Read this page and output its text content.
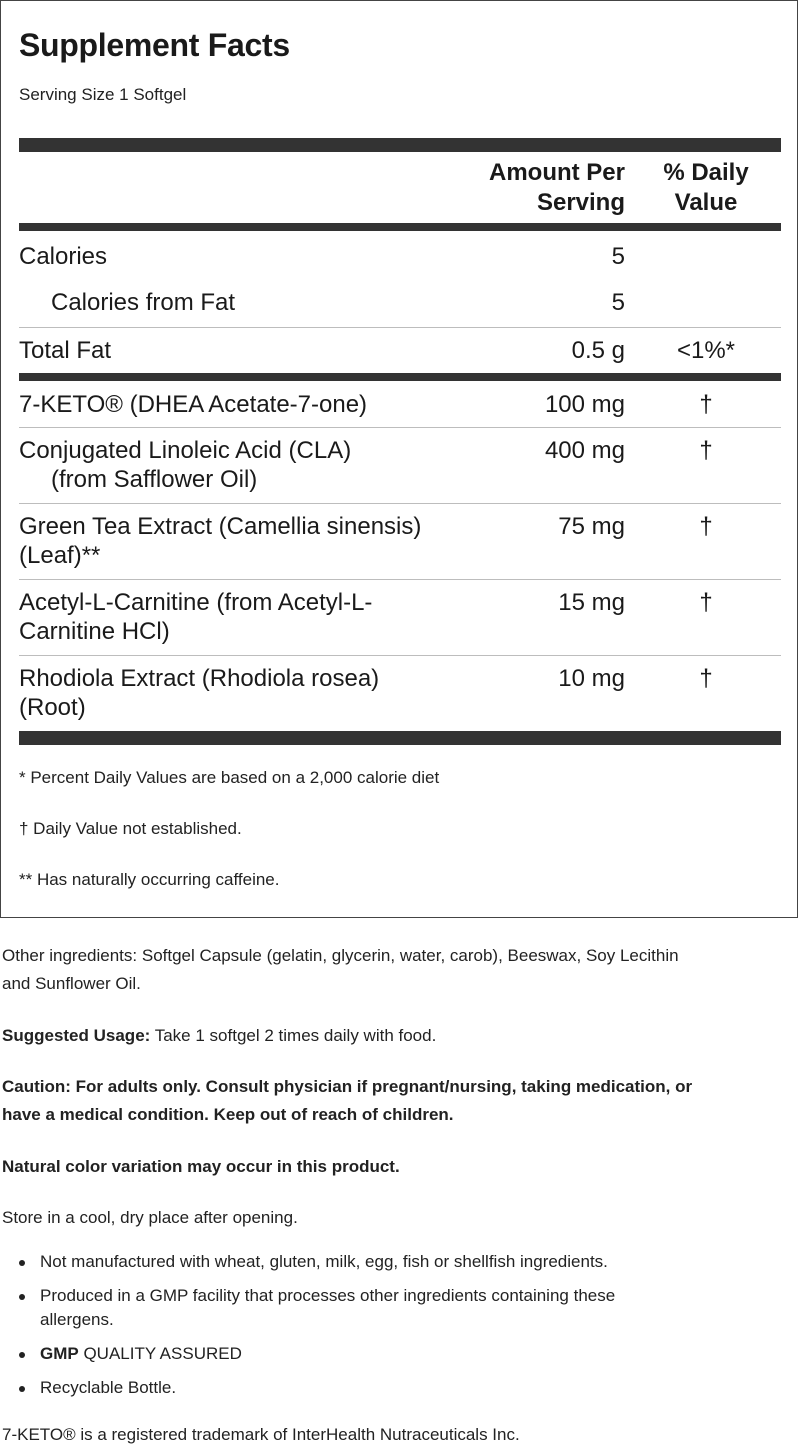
Supplement Facts
Serving Size 1 Softgel
Amount Per
Serving
% Daily
Value
Calories	5
Calories from Fat	5
Total Fat	0.5 g	<1%*
7-KETO® (DHEA Acetate-7-one)	100 mg	†
Conjugated Linoleic Acid (CLA)
(from Safflower Oil)
400 mg	†
Green Tea Extract (Camellia sinensis)
(Leaf)**
75 mg	†
Acetyl-L-Carnitine (from Acetyl-L-
Carnitine HCl)
15 mg	†
Rhodiola Extract (Rhodiola rosea)
(Root)
10 mg	†
* Percent Daily Values are based on a 2,000 calorie diet
† Daily Value not established.
** Has naturally occurring caffeine.
Other ingredients: Softgel Capsule (gelatin, glycerin, water, carob), Beeswax, Soy Lecithin
and Sunflower Oil.
Suggested Usage: Take 1 softgel 2 times daily with food.
Caution: For adults only. Consult physician if pregnant/nursing, taking medication, or
have a medical condition. Keep out of reach of children.
Natural color variation may occur in this product.
Store in a cool, dry place after opening.
Not manufactured with wheat, gluten, milk, egg, fish or shellfish ingredients.
Produced in a GMP facility that processes other ingredients containing these
allergens.
GMP QUALITY ASSURED
Recyclable Bottle.
7-KETO® is a registered trademark of InterHealth Nutraceuticals Inc.
